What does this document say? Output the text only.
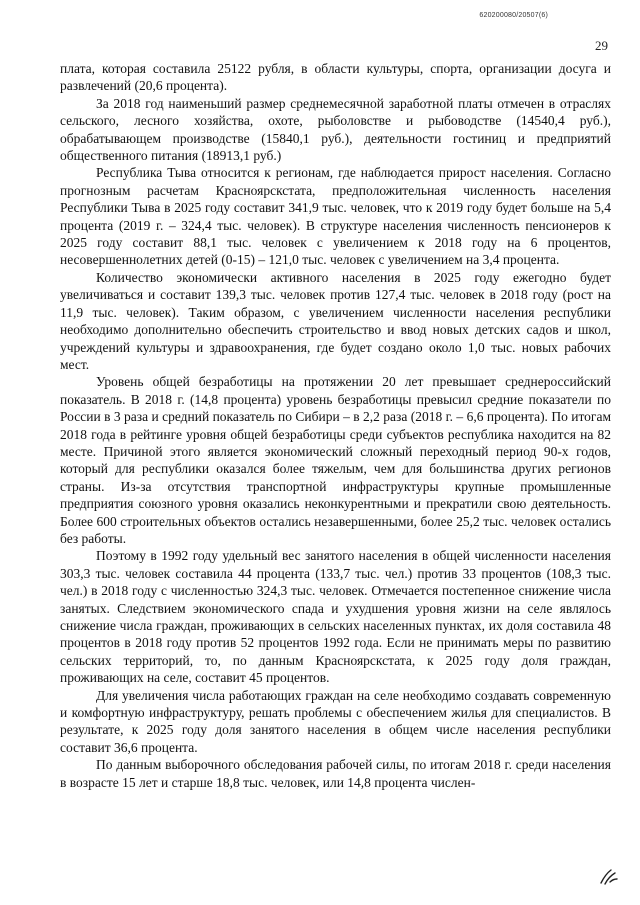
620200080/20507(6)
29

плата, которая составила 25122 рубля, в области культуры, спорта, организации досуга и развлечений (20,6 процента).

За 2018 год наименьший размер среднемесячной заработной платы отмечен в отраслях сельского, лесного хозяйства, охоте, рыболовстве и рыбоводстве (14540,4 руб.), обрабатывающем производстве (15840,1 руб.), деятельности гостиниц и предприятий общественного питания (18913,1 руб.)

Республика Тыва относится к регионам, где наблюдается прирост населения. Согласно прогнозным расчетам Красноярскстата, предположительная численность населения Республики Тыва в 2025 году составит 341,9 тыс. человек, что к 2019 году будет больше на 5,4 процента (2019 г. – 324,4 тыс. человек). В структуре населения численность пенсионеров к 2025 году составит 88,1 тыс. человек с увеличением к 2018 году на 6 процентов, несовершеннолетних детей (0-15) – 121,0 тыс. человек с увеличением на 3,4 процента.

Количество экономически активного населения в 2025 году ежегодно будет увеличиваться и составит 139,3 тыс. человек против 127,4 тыс. человек в 2018 году (рост на 11,9 тыс. человек). Таким образом, с увеличением численности населения республики необходимо дополнительно обеспечить строительство и ввод новых детских садов и школ, учреждений культуры и здравоохранения, где будет создано около 1,0 тыс. новых рабочих мест.

Уровень общей безработицы на протяжении 20 лет превышает среднероссийский показатель. В 2018 г. (14,8 процента) уровень безработицы превысил средние показатели по России в 3 раза и средний показатель по Сибири – в 2,2 раза (2018 г. – 6,6 процента). По итогам 2018 года в рейтинге уровня общей безработицы среди субъектов республика находится на 82 месте. Причиной этого является экономический сложный переходный период 90-х годов, который для республики оказался более тяжелым, чем для большинства других регионов страны. Из-за отсутствия транспортной инфраструктуры крупные промышленные предприятия союзного уровня оказались неконкурентными и прекратили свою деятельность. Более 600 строительных объектов остались незавершенными, более 25,2 тыс. человек остались без работы.

Поэтому в 1992 году удельный вес занятого населения в общей численности населения 303,3 тыс. человек составила 44 процента (133,7 тыс. чел.) против 33 процентов (108,3 тыс. чел.) в 2018 году с численностью 324,3 тыс. человек. Отмечается постепенное снижение числа занятых. Следствием экономического спада и ухудшения уровня жизни на селе являлось снижение числа граждан, проживающих в сельских населенных пунктах, их доля составила 48 процентов в 2018 году против 52 процентов 1992 года. Если не принимать меры по развитию сельских территорий, то, по данным Красноярскстата, к 2025 году доля граждан, проживающих на селе, составит 45 процентов.

Для увеличения числа работающих граждан на селе необходимо создавать современную и комфортную инфраструктуру, решать проблемы с обеспечением жилья для специалистов. В результате, к 2025 году доля занятого населения в общем числе населения республики составит 36,6 процента.

По данным выборочного обследования рабочей силы, по итогам 2018 г. среди населения в возрасте 15 лет и старше 18,8 тыс. человек, или 14,8 процента числен-
